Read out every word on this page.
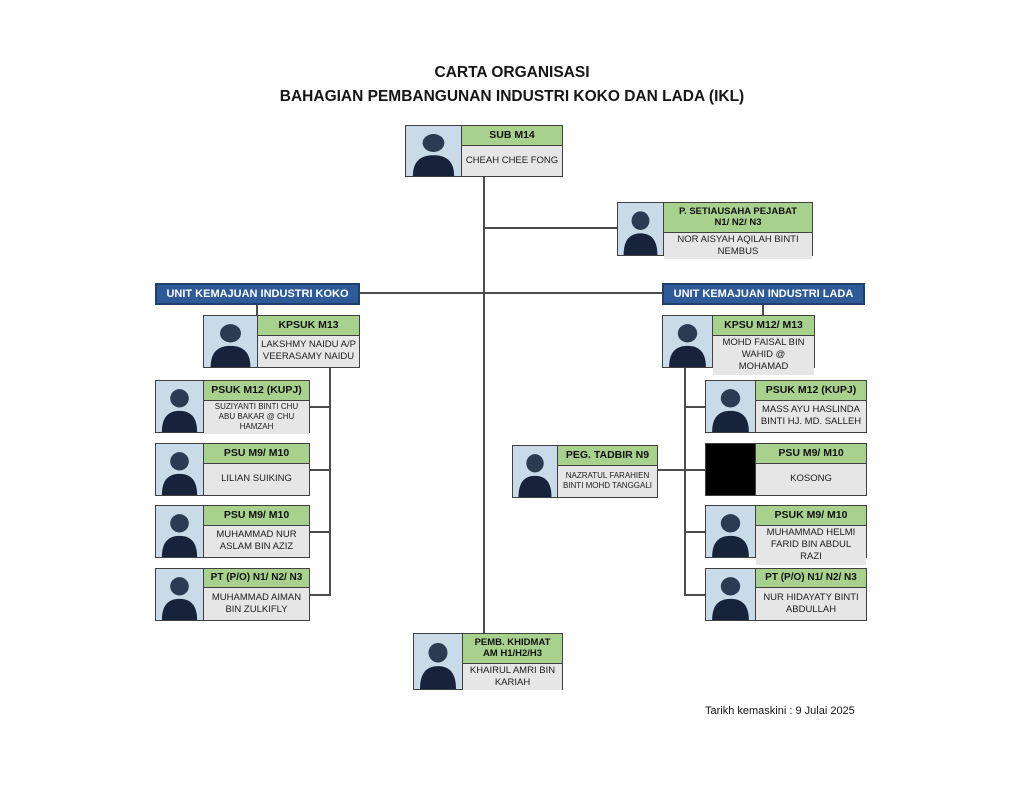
CARTA ORGANISASI
BAHAGIAN PEMBANGUNAN INDUSTRI KOKO DAN LADA (IKL)
SUB M14
CHEAH CHEE FONG
P. SETIAUSAHA PEJABAT
N1/ N2/ N3
NOR AISYAH AQILAH BINTI NEMBUS
UNIT KEMAJUAN INDUSTRI KOKO	UNIT KEMAJUAN INDUSTRI LADA
KPSUK M13
LAKSHMY NAIDU A/P VEERASAMY NAIDU
KPSU M12/ M13
MOHD FAISAL BIN WAHID @ MOHAMAD
PSUK M12 (KUPJ)
SUZIYANTI BINTI CHU ABU BAKAR @ CHU HAMZAH
PSU M9/ M10
LILIAN SUIKING
PSU M9/ M10
MUHAMMAD NUR ASLAM BIN AZIZ
PT (P/O) N1/ N2/ N3
MUHAMMAD AIMAN BIN ZULKIFLY
PEG. TADBIR N9
NAZRATUL FARAHIEN BINTI MOHD TANGGALI
PSUK M12 (KUPJ)
MASS AYU HASLINDA BINTI HJ. MD. SALLEH
PSU M9/ M10
KOSONG
PSUK M9/ M10
MUHAMMAD HELMI FARID BIN ABDUL RAZI
PT (P/O) N1/ N2/ N3
NUR HIDAYATY BINTI ABDULLAH
PEMB. KHIDMAT
AM H1/H2/H3
KHAIRUL AMRI BIN KARIAH
Tarikh kemaskini : 9 Julai 2025
